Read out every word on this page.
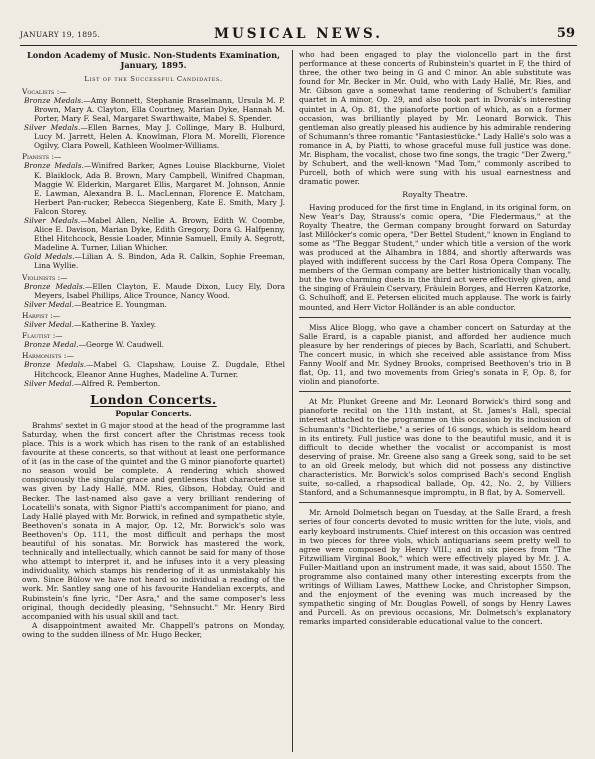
JANUARY 19, 1895.	MUSICAL NEWS.	59

London Academy of Music. Non-Students Examination, January, 1895.

List of the Successful Candidates.

Vocalists :—

Bronze Medals.—Amy Bonnett, Stephanie Braselmann, Ursula M. P. Brown, Mary A. Clayton, Ella Courtney, Marian Dyke, Hannah M. Porter, Mary F. Seal, Margaret Swarthwaite, Mabel S. Spender.

Silver Medals.—Ellen Barnes, May J. Collinge, Mary B. Hulburd, Lucy M. Jarrett, Helen A. Knowlman, Flora M. Morelli, Florence Ogilvy, Clara Powell, Kathleen Woolmer-Williams.

Pianists :—

Bronze Medals.—Winifred Barker, Agnes Louise Blackburne, Violet K. Blaiklock, Ada B. Brown, Mary Campbell, Winifred Chapman, Maggie W. Elderkin, Margaret Ellis, Margaret M. Johnson, Annie E. Lawman, Alexandra B. L. MacLennan, Florence E. Matcham, Herbert Pan-rucker, Rebecca Siegenberg, Kate E. Smith, Mary J. Falcon Storey.

Silver Medals.—Mabel Allen, Nellie A. Brown, Edith W. Coombe, Alice E. Davison, Marian Dyke, Edith Gregory, Dora G. Halfpenny, Ethel Hitchcock, Bessie Loader, Minnie Samuell, Emily A. Segrott, Madeline A. Turner, Lilian Whicher.

Gold Medals.—Lilian A. S. Bindon, Ada R. Calkin, Sophie Freeman, Lina Wyllie.

Violinists :—

Bronze Medals.—Ellen Clayton, E. Maude Dixon, Lucy Ely, Dora Meyers, Isabel Phillips, Alice Trounce, Nancy Wood.

Silver Medal.—Beatrice E. Youngman.

Harpist :—

Silver Medal.—Katherine B. Yaxley.

Flautist :—

Bronze Medal.—George W. Caudwell.

Harmonists :—

Bronze Medals.—Mabel G. Clapshaw, Louise Z. Dugdale, Ethel Hitchcock, Eleanor Anne Hughes, Madeline A. Turner.

Silver Medal.—Alfred R. Pemberton.

London Concerts.

Popular Concerts.

Brahms' sextet in G major stood at the head of the programme last Saturday, when the first concert after the Christmas recess took place. This is a work which has risen to the rank of an established favourite at these concerts, so that without at least one performance of it (as in the case of the quintet and the G minor pianoforte quartet) no season would be complete. A rendering which showed conspicuously the singular grace and gentleness that characterise it was given by Lady Hallé, MM. Ries, Gibson, Hobday, Ould and Becker. The last-named also gave a very brilliant rendering of Locatelli's sonata, with Signor Piatti's accompaniment for piano, and Lady Hallé played with Mr. Borwick, in refined and sympathetic style, Beethoven's sonata in A major, Op. 12, Mr. Borwick's solo was Beethoven's Op. 111, the most difficult and perhaps the most beautiful of his sonatas. Mr. Borwick has mastered the work, technically and intellectually, which cannot be said for many of those who attempt to interpret it, and he infuses into it a very pleasing individuality, which stamps his rendering of it as unmistakably his own. Since Bülow we have not heard so individual a reading of the work. Mr. Santley sang one of his favourite Handelian excerpts, and Rubinstein's fine lyric, "Der Asra," and the same composer's less original, though decidedly pleasing, "Sehnsucht." Mr. Henry Bird accompanied with his usual skill and tact.

A disappointment awaited Mr. Chappell's patrons on Monday, owing to the sudden illness of Mr. Hugo Becker,

who had been engaged to play the violoncello part in the first performance at these concerts of Rubinstein's quartet in F, the third of three, the other two being in G and C minor. An able substitute was found for Mr. Becker in Mr. Ould, who with Lady Hallé, Mr. Ries, and Mr. Gibson gave a somewhat tame rendering of Schubert's familiar quartet in A minor, Op. 29, and also took part in Dvorák's interesting quintet in A, Op. 81, the pianoforte portion of which, as on a former occasion, was brilliantly played by Mr. Leonard Borwick. This gentleman also greatly pleased his audience by his admirable rendering of Schumann's three romantic "Fantasiestücke." Lady Hallé's solo was a romance in A, by Piatti, to whose graceful muse full justice was done. Mr. Bispham, the vocalist, chose two fine songs, the tragic "Der Zwerg," by Schubert, and the well-known "Mad Tom," commonly ascribed to Purcell, both of which were sung with his usual earnestness and dramatic power.

Royalty Theatre.

Having produced for the first time in England, in its original form, on New Year's Day, Strauss's comic opera, "Die Fledermaus," at the Royalty Theatre, the German company brought forward on Saturday last Millöcker's comic opera, "Der Bettel Student," known in England to some as "The Beggar Student," under which title a version of the work was produced at the Alhambra in 1884, and shortly afterwards was played with indifferent success by the Carl Rosa Opera Company. The members of the German company are better histrionically than vocally, but the two charming duets in the third act were effectively given, and the singing of Fräulein Cservary, Fräulein Borges, and Herren Katzorke, G. Schulhoff, and E. Petersen elicited much applause. The work is fairly mounted, and Herr Victor Holländer is an able conductor.

Miss Alice Blogg, who gave a chamber concert on Saturday at the Salle Erard, is a capable pianist, and afforded her audience much pleasure by her renderings of pieces by Bach, Scarlatti, and Schubert. The concert music, in which she received able assistance from Miss Fanny Woolf and Mr. Sydney Brooks, comprised Beethoven's trio in B flat, Op. 11, and two movements from Grieg's sonata in F, Op. 8, for violin and pianoforte.

At Mr. Plunket Greene and Mr. Leonard Borwick's third song and pianoforte recital on the 11th instant, at St. James's Hall, special interest attached to the programme on this occasion by its inclusion of Schumann's "Dichterliebe," a series of 16 songs, which is seldom heard in its entirety. Full justice was done to the beautiful music, and it is difficult to decide whether the vocalist or accompanist is most deserving of praise. Mr. Greene also sang a Greek song, said to be set to an old Greek melody, but which did not possess any distinctive characteristics. Mr. Borwick's solos comprised Bach's second English suite, so-called, a rhapsodical ballade, Op. 42, No. 2, by Villiers Stanford, and a Schumannesque impromptu, in B flat, by A. Somervell.

Mr. Arnold Dolmetsch began on Tuesday, at the Salle Erard, a fresh series of four concerts devoted to music written for the lute, viols, and early keyboard instruments. Chief interest on this occasion was centred in two pieces for three viols, which antiquarians seem pretty well to agree were composed by Henry VIII.; and in six pieces from "The Fitzwilliam Virginal Book," which were effectively played by Mr. J. A. Fuller-Maitland upon an instrument made, it was said, about 1550. The programme also contained many other interesting excerpts from the writings of William Lawes, Matthew Locke, and Christopher Simpson, and the enjoyment of the evening was much increased by the sympathetic singing of Mr. Douglas Powell, of songs by Henry Lawes and Purcell. As on previous occasions, Mr. Dolmetsch's explanatory remarks imparted considerable educational value to the concert.
